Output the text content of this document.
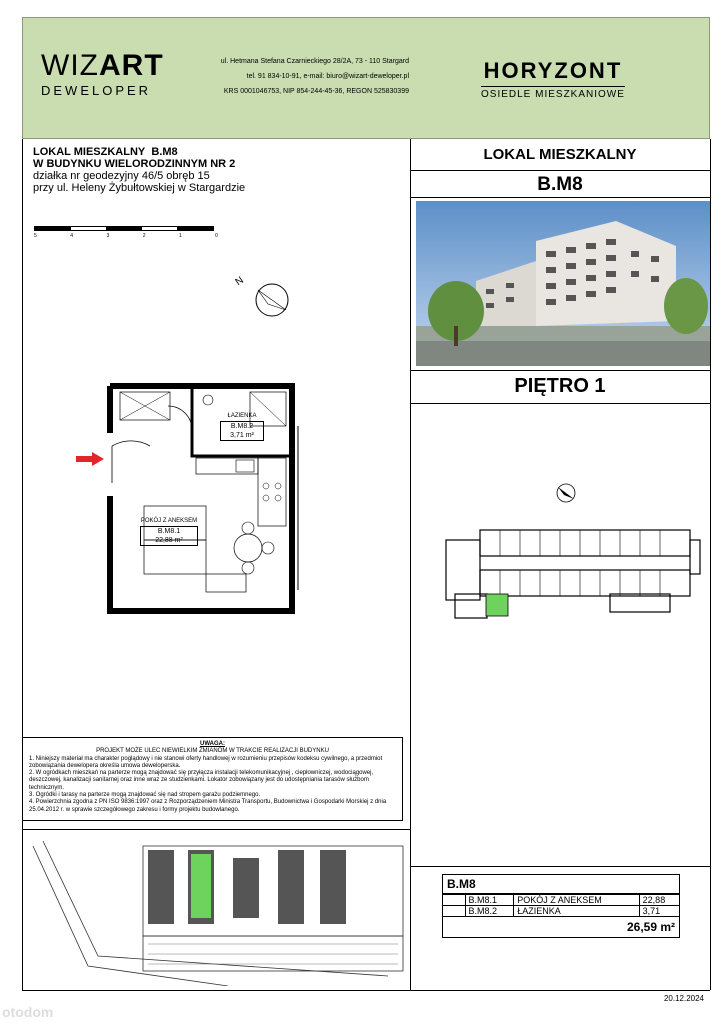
WIZART
DEWELOPER
ul. Hetmana Stefana Czarnieckiego 28/2A, 73 - 110 Stargard
tel. 91 834-10-91, e-mail: biuro@wizart-deweloper.pl
KRS 0001046753, NIP 854-244-45-36, REGON 525830399
HORYZONT
OSIEDLE MIESZKANIOWE
LOKAL MIESZKALNY B.M8
W BUDYNKU WIELORODZINNYM NR 2
działka nr geodezyjny 46/5 obręb 15
przy ul. Heleny Żybułtowskiej w Stargardzie
5	4	3	2	1	0
N
ŁAZIENKA
B.M8.2
3,71 m²
POKÓJ Z ANEKSEM
B.M8.1
22,88 m²
LOKAL MIESZKALNY
B.M8
PIĘTRO 1
UWAGA:
PROJEKT MOŻE ULEC NIEWIELKIM ZMIANOM W TRAKCIE REALIZACJI BUDYNKU
1. Niniejszy materiał ma charakter poglądowy i nie stanowi oferty handlowej w rozumieniu przepisów kodeksu cywilnego, a przedmiot zobowiązania dewelopera określa umowa deweloperska.
2. W ogródkach mieszkań na parterze mogą znajdować się przyłącza instalacji telekomunikacyjnej , ciepłowniczej, wodociągowej, deszczowej, kanalizacji sanitarnej oraz inne wraz ze studzienkami. Lokator zobowiązany jest do udostępniania tarasów służbom technicznym.
3. Ogródki i tarasy na parterze mogą znajdować się nad stropem garażu podziemnego.
4. Powierzchnia zgodna z PN ISO 9836:1997 oraz z Rozporządzeniem Ministra Transportu, Budownictwa i Gospodarki Morskiej z dnia 25.04.2012 r. w sprawie szczegółowego zakresu i formy projektu budowlanego.
B.M8
	B.M8.1	POKÓJ Z ANEKSEM	22,88
	B.M8.2	ŁAZIENKA	3,71
26,59 m²
20.12.2024
otodom
